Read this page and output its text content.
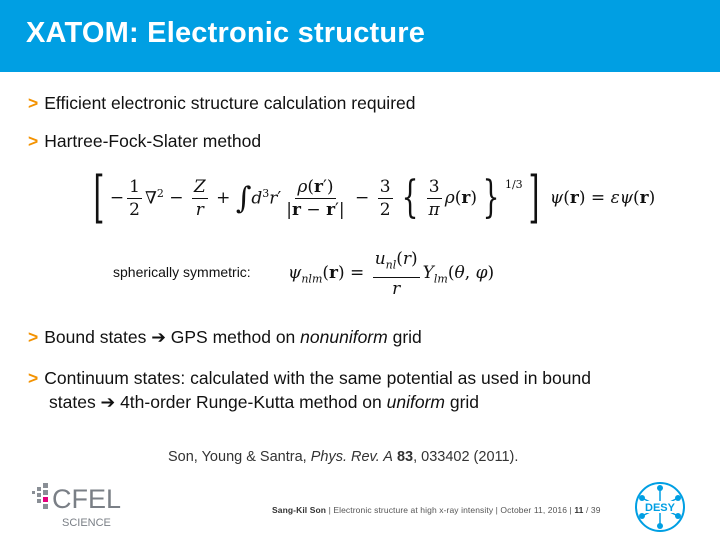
XATOM: Electronic structure
> Efficient electronic structure calculation required
> Hartree-Fock-Slater method
[ − $\frac{1}{2} \nabla^2 - \frac{Z}{r}$ + ∫ $d^3r' \frac{\rho(r')}{|r - r'|} - \frac{3}{2}$ { $\frac{3}{\pi} \rho(r)$ } 1/3 ] ψ(r) = εψ(r)
spherically symmetric: $\psi_{nlm}(r) = \frac{u_{nl}(r)}{r} Y_{lm}(\theta$, φ)
> Bound states ➔ GPS method on nonuniform grid
> Continuum states: calculated with the same potential as used in bound
states ➔ 4th-order Runge-Kutta method on uniform grid
Son, Young & Santra, Phys. Rev. A 83, 033402 (2011).
CFEL
SCIENCE
Sang-Kil Son | Electronic structure at high x-ray intensity | October 11, 2016 | 11 / 39	DESY
